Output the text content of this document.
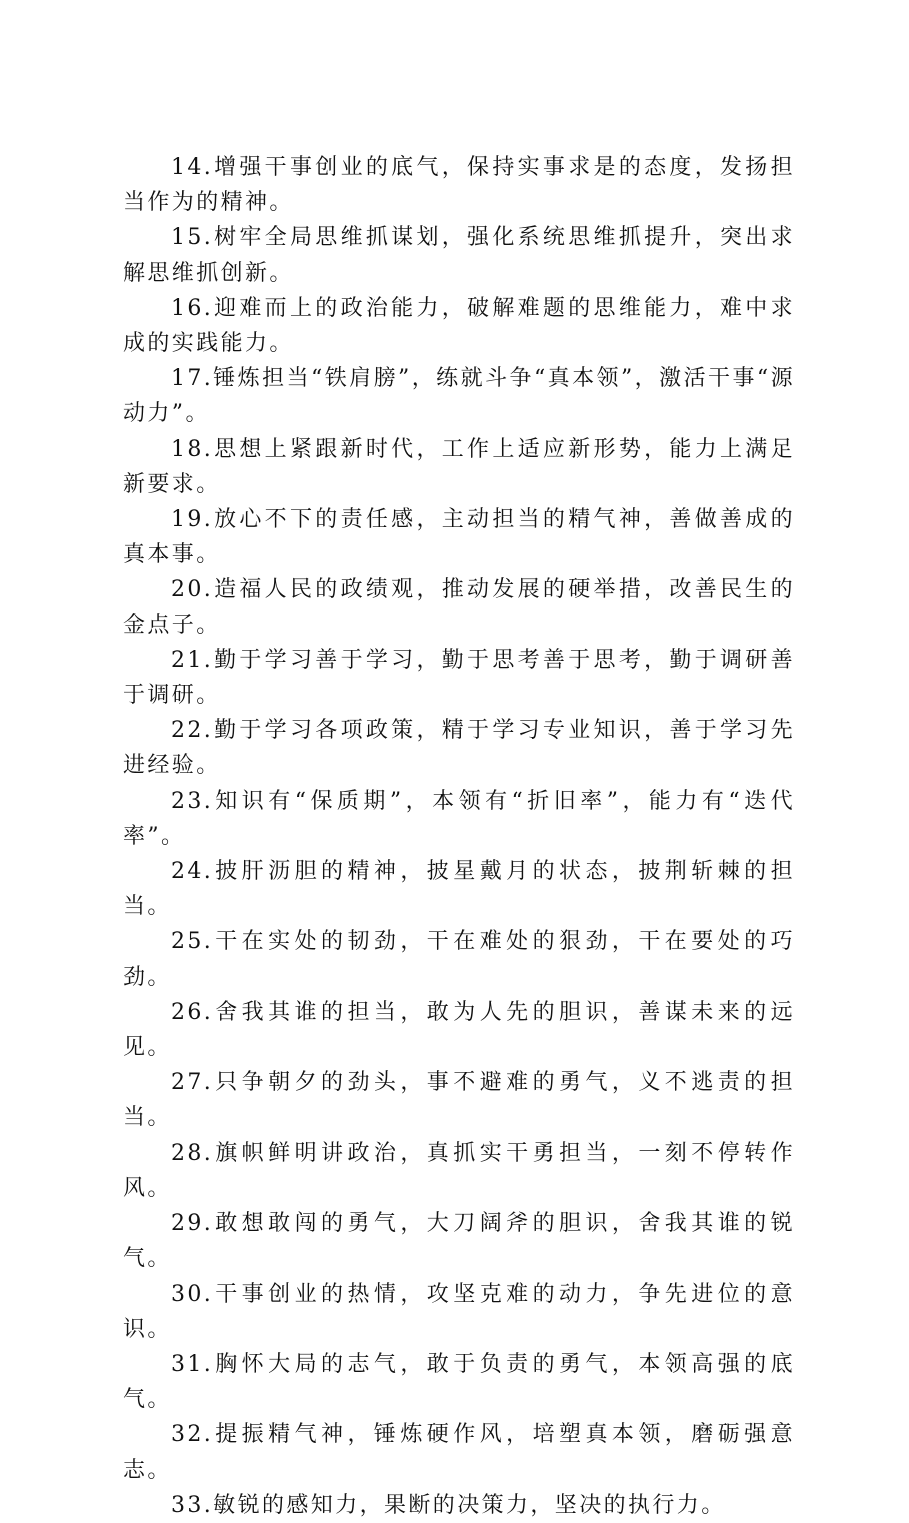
14.增强干事创业的底气，保持实事求是的态度，发扬担当作为的精神。

15.树牢全局思维抓谋划，强化系统思维抓提升，突出求解思维抓创新。

16.迎难而上的政治能力，破解难题的思维能力，难中求成的实践能力。

17.锤炼担当“铁肩膀”，练就斗争“真本领”，激活干事“源动力”。

18.思想上紧跟新时代，工作上适应新形势，能力上满足新要求。

19.放心不下的责任感，主动担当的精气神，善做善成的真本事。

20.造福人民的政绩观，推动发展的硬举措，改善民生的金点子。

21.勤于学习善于学习，勤于思考善于思考，勤于调研善于调研。

22.勤于学习各项政策，精于学习专业知识，善于学习先进经验。

23.知识有“保质期”，本领有“折旧率”，能力有“迭代率”。

24.披肝沥胆的精神，披星戴月的状态，披荆斩棘的担当。

25.干在实处的韧劲，干在难处的狠劲，干在要处的巧劲。

26.舍我其谁的担当，敢为人先的胆识，善谋未来的远见。

27.只争朝夕的劲头，事不避难的勇气，义不逃责的担当。

28.旗帜鲜明讲政治，真抓实干勇担当，一刻不停转作风。

29.敢想敢闯的勇气，大刀阔斧的胆识，舍我其谁的锐气。

30.干事创业的热情，攻坚克难的动力，争先进位的意识。

31.胸怀大局的志气，敢于负责的勇气，本领高强的底气。

32.提振精气神，锤炼硬作风，培塑真本领，磨砺强意志。

33.敏锐的感知力，果断的决策力，坚决的执行力。
